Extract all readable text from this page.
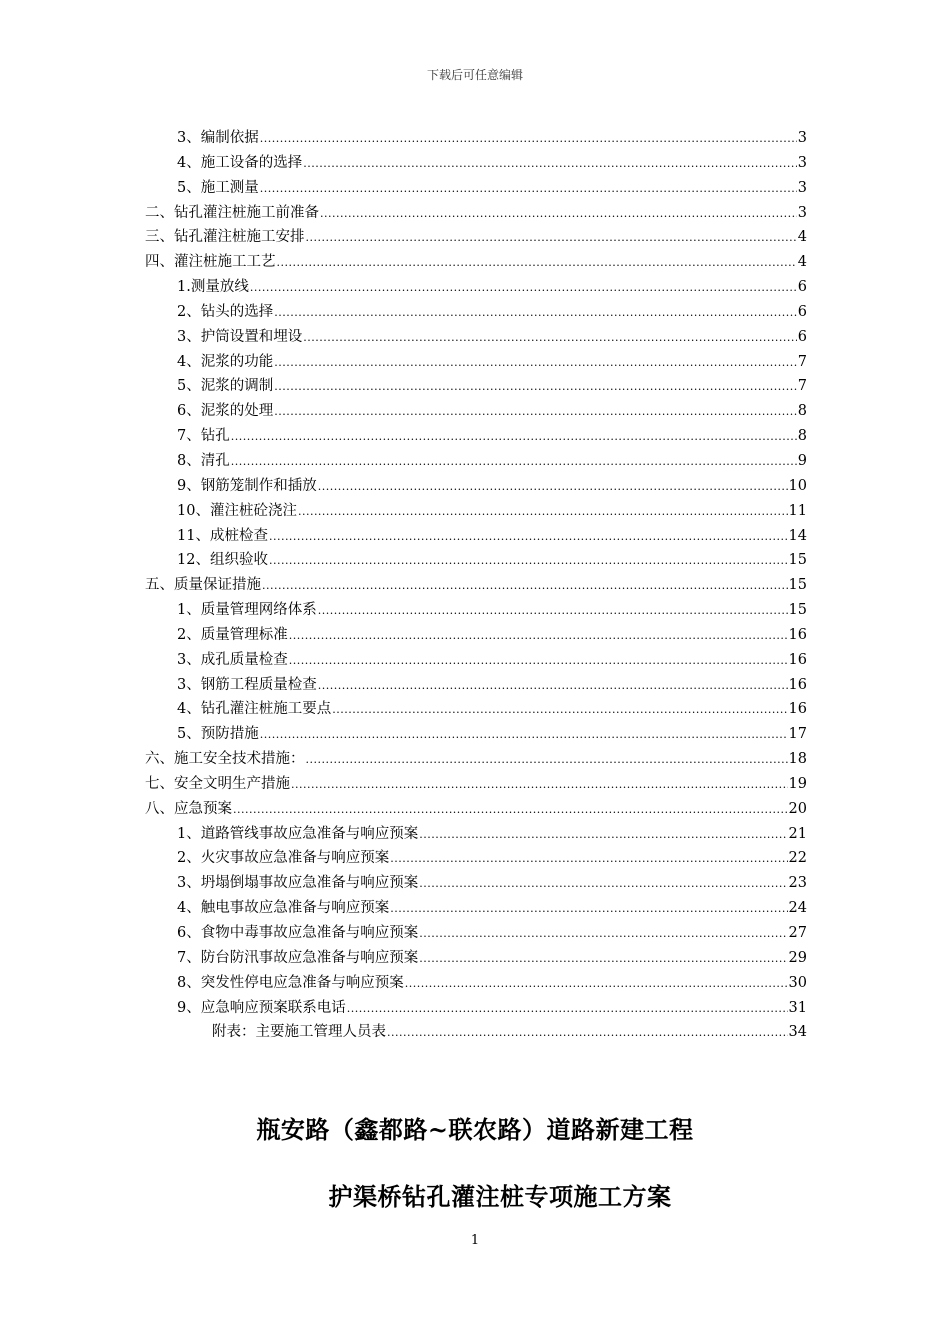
下载后可任意编辑
3、编制依据 .....	3
4、施工设备的选择 .....	3
5、施工测量 .....	3
二、钻孔灌注桩施工前准备 .....	3
三、钻孔灌注桩施工安排 .....	4
四、灌注桩施工工艺 .....	4
1.测量放线 .....	6
2、钻头的选择 .....	6
3、护筒设置和埋设 .....	6
4、泥浆的功能 .....	7
5、泥浆的调制 .....	7
6、泥浆的处理 .....	8
7、钻孔 .....	8
8、清孔 .....	9
9、钢筋笼制作和插放 .....	10
10、灌注桩砼浇注 .....	11
11、成桩检查 .....	14
12、组织验收 .....	15
五、质量保证措施 .....	15
1、质量管理网络体系 .....	15
2、质量管理标准 .....	16
3、成孔质量检查 .....	16
3、钢筋工程质量检查 .....	16
4、钻孔灌注桩施工要点 .....	16
5、预防措施 .....	17
六、施工安全技术措施： .....	18
七、安全文明生产措施 .....	19
八、应急预案 .....	20
1、道路管线事故应急准备与响应预案 .....	21
2、火灾事故应急准备与响应预案 .....	22
3、坍塌倒塌事故应急准备与响应预案 .....	23
4、触电事故应急准备与响应预案 .....	24
6、食物中毒事故应急准备与响应预案 .....	27
7、防台防汛事故应急准备与响应预案 .....	29
8、突发性停电应急准备与响应预案 .....	30
9、应急响应预案联系电话 .....	31
附表：主要施工管理人员表 .....	34
瓶安路（鑫都路~联农路）道路新建工程
护渠桥钻孔灌注桩专项施工方案
1
